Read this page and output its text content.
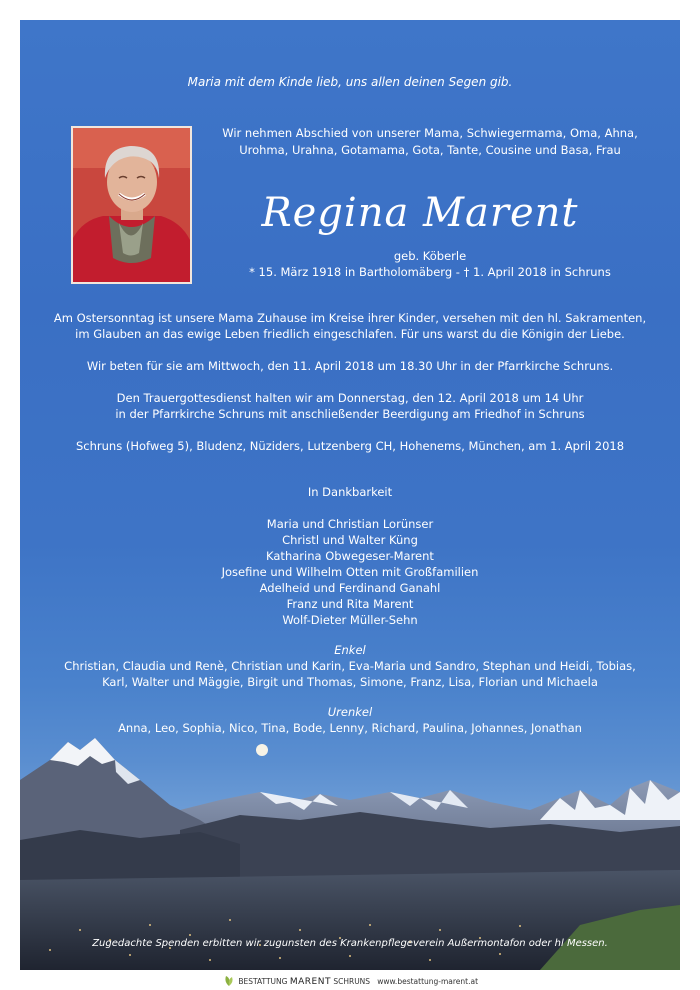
Maria mit dem Kinde lieb, uns allen deinen Segen gib.
Wir nehmen Abschied von unserer Mama, Schwiegermama, Oma, Ahna,
Urohma, Urahna, Gotamama, Gota, Tante, Cousine und Basa, Frau
Regina Marent
geb. Köberle
* 15. März 1918 in Bartholomäberg - † 1. April 2018 in Schruns
Am Ostersonntag ist unsere Mama Zuhause im Kreise ihrer Kinder, versehen mit den hl. Sakramenten,
im Glauben an das ewige Leben friedlich eingeschlafen. Für uns warst du die Königin der Liebe.
Wir beten für sie am Mittwoch, den 11. April 2018 um 18.30 Uhr in der Pfarrkirche Schruns.
Den Trauergottesdienst halten wir am Donnerstag, den 12. April 2018 um 14 Uhr
in der Pfarrkirche Schruns mit anschließender Beerdigung am Friedhof in Schruns
Schruns (Hofweg 5), Bludenz, Nüziders, Lutzenberg CH, Hohenems, München, am 1. April 2018
In Dankbarkeit
Maria und Christian Lorünser
Christl und Walter Küng
Katharina Obwegeser-Marent
Josefine und Wilhelm Otten mit Großfamilien
Adelheid und Ferdinand Ganahl
Franz und Rita Marent
Wolf-Dieter Müller-Sehn
Enkel
Christian, Claudia und Renè, Christian und Karin, Eva-Maria und Sandro, Stephan und Heidi, Tobias,
Karl, Walter und Mäggie, Birgit und Thomas, Simone, Franz, Lisa, Florian und Michaela
Urenkel
Anna, Leo, Sophia, Nico, Tina, Bode, Lenny, Richard, Paulina, Johannes, Jonathan
Zugedachte Spenden erbitten wir zugunsten des Krankenpflegeverein Außermontafon oder hl Messen.
BESTATTUNG MARENT SCHRUNS www.bestattung-marent.at
